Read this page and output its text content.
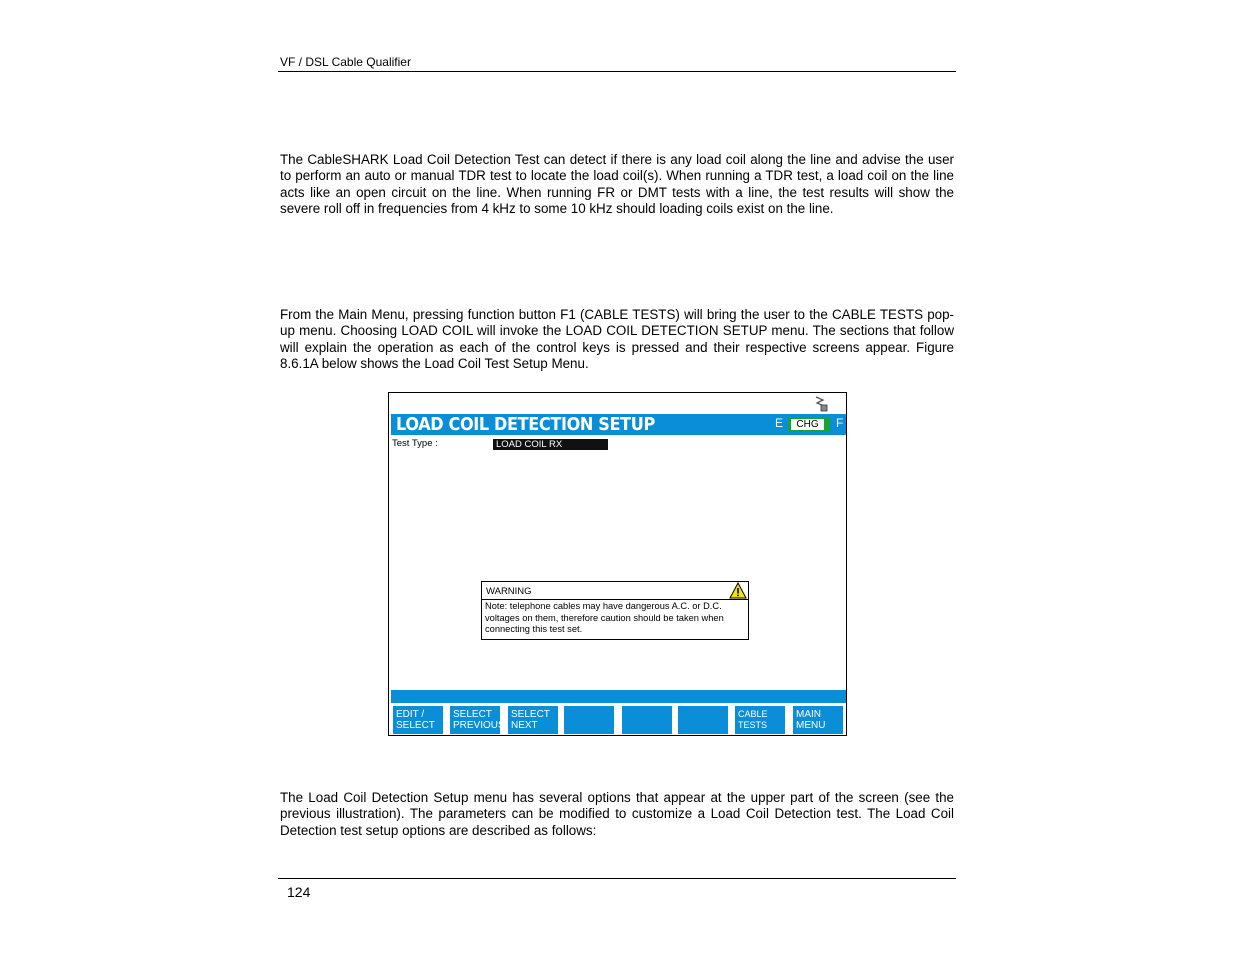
VF / DSL Cable Qualifier

The CableSHARK Load Coil Detection Test can detect if there is any load coil along the line and advise the user to perform an auto or manual TDR test to locate the load coil(s). When running a TDR test, a load coil on the line acts like an open circuit on the line. When running FR or DMT tests with a line, the test results will show the severe roll off in frequencies from 4 kHz to some 10 kHz should loading coils exist on the line.

From the Main Menu, pressing function button F1 (CABLE TESTS) will bring the user to the CABLE TESTS pop-up menu. Choosing LOAD COIL will invoke the LOAD COIL DETECTION SETUP menu. The sections that follow will explain the operation as each of the control keys is pressed and their respective screens appear. Figure 8.6.1A below shows the Load Coil Test Setup Menu.

LOAD COIL DETECTION SETUP	E	CHG	F
Test Type :	LOAD COIL RX
WARNING
Note: telephone cables may have dangerous A.C. or D.C.
voltages on them, therefore caution should be taken when
connecting this test set.
EDIT /
SELECT
SELECT
PREVIOUS
SELECT
NEXT
CABLE
TESTS
MAIN
MENU

The Load Coil Detection Setup menu has several options that appear at the upper part of the screen (see the previous illustration). The parameters can be modified to customize a Load Coil Detection test. The Load Coil Detection test setup options are described as follows:

124
